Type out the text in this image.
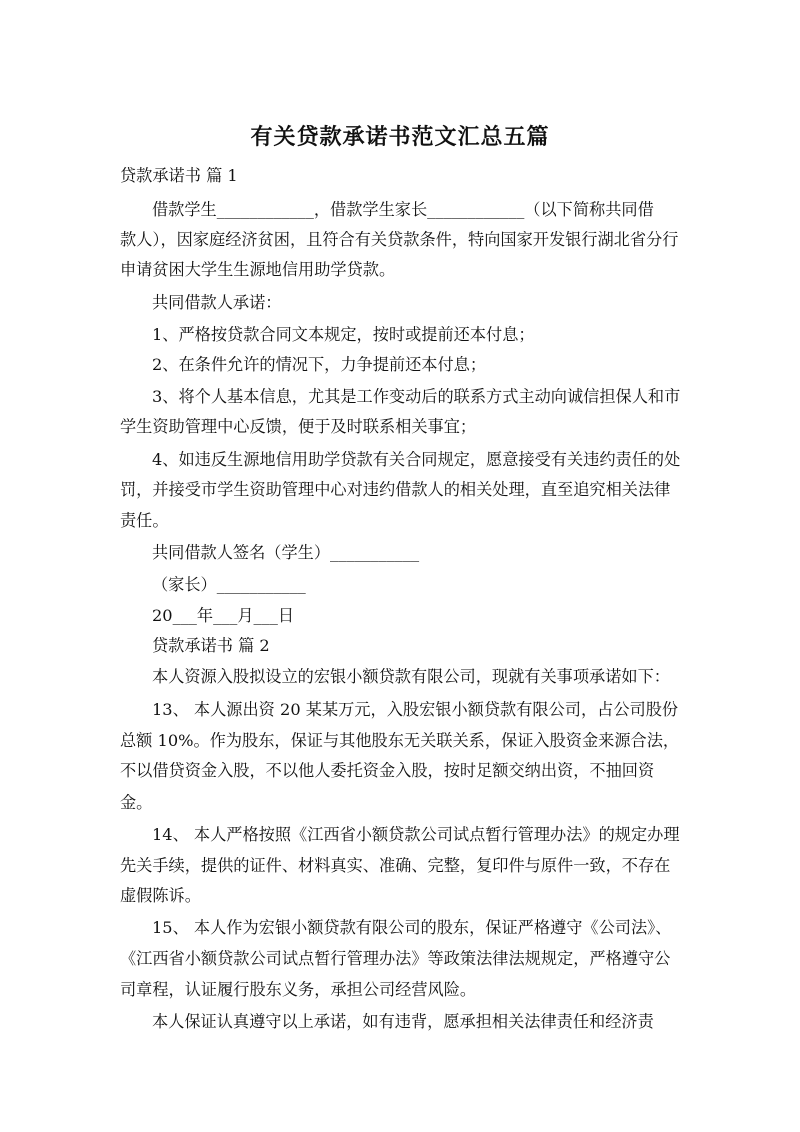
有关贷款承诺书范文汇总五篇

贷款承诺书 篇 1

借款学生____________，借款学生家长____________（以下简称共同借

款人），因家庭经济贫困，且符合有关贷款条件，特向国家开发银行湖北省分行

申请贫困大学生生源地信用助学贷款。

共同借款人承诺：

1、严格按贷款合同文本规定，按时或提前还本付息；

2、在条件允许的情况下，力争提前还本付息；

3、将个人基本信息，尤其是工作变动后的联系方式主动向诚信担保人和市

学生资助管理中心反馈，便于及时联系相关事宜；

4、如违反生源地信用助学贷款有关合同规定，愿意接受有关违约责任的处

罚，并接受市学生资助管理中心对违约借款人的相关处理，直至追究相关法律

责任。

共同借款人签名（学生）___________

（家长）___________

20___年___月___日

贷款承诺书 篇 2

本人资源入股拟设立的宏银小额贷款有限公司，现就有关事项承诺如下：

13、 本人源出资 20 某某万元，入股宏银小额贷款有限公司，占公司股份

总额 10%。作为股东，保证与其他股东无关联关系，保证入股资金来源合法，

不以借贷资金入股，不以他人委托资金入股，按时足额交纳出资，不抽回资

金。

14、 本人严格按照《江西省小额贷款公司试点暂行管理办法》的规定办理

先关手续，提供的证件、材料真实、准确、完整，复印件与原件一致，不存在

虚假陈诉。

15、 本人作为宏银小额贷款有限公司的股东，保证严格遵守《公司法》、

《江西省小额贷款公司试点暂行管理办法》等政策法律法规规定，严格遵守公

司章程，认证履行股东义务，承担公司经营风险。

本人保证认真遵守以上承诺，如有违背，愿承担相关法律责任和经济责
